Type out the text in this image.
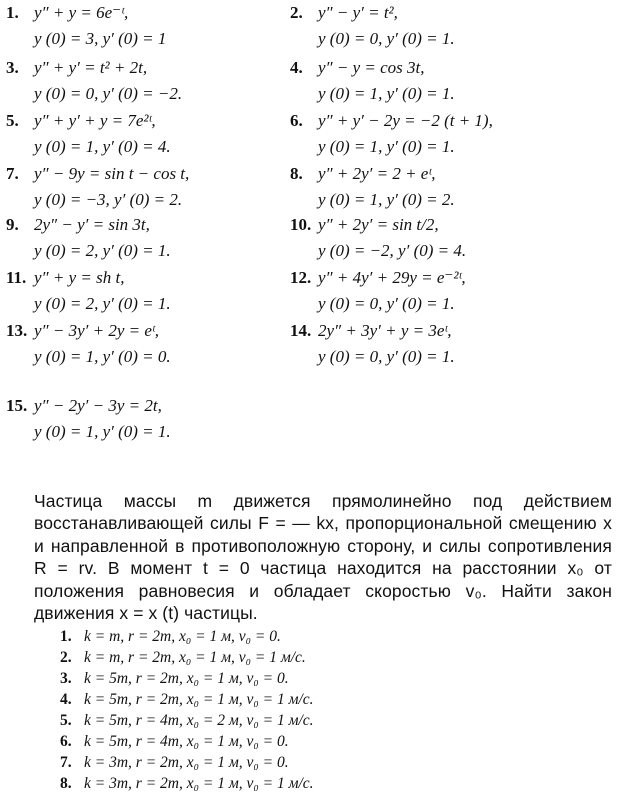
1. y″ + y = 6e⁻ᵗ,
y (0) = 3, y′ (0) = 1
3. y″ + y′ = t² + 2t,
y (0) = 0, y′ (0) = −2.
5. y″ + y′ + y = 7e²ᵗ,
y (0) = 1, y′ (0) = 4.
7. y″ − 9y = sin t − cos t,
y (0) = −3, y′ (0) = 2.
9. 2y″ − y′ = sin 3t,
y (0) = 2, y′ (0) = 1.
11. y″ + y = sh t,
y (0) = 2, y′ (0) = 1.
13. y″ − 3y′ + 2y = eᵗ,
y (0) = 1, y′ (0) = 0.
15. y″ − 2y′ − 3y = 2t,
y (0) = 1, y′ (0) = 1.
2. y″ − y′ = t²,
y (0) = 0, y′ (0) = 1.
4. y″ − y = cos 3t,
y (0) = 1, y′ (0) = 1.
6. y″ + y′ − 2y = −2 (t + 1),
y (0) = 1, y′ (0) = 1.
8. y″ + 2y′ = 2 + eᵗ,
y (0) = 1, y′ (0) = 2.
10. y″ + 2y′ = sin t/2,
y (0) = −2, y′ (0) = 4.
12. y″ + 4y′ + 29y = e⁻²ᵗ,
y (0) = 0, y′ (0) = 1.
14. 2y″ + 3y′ + y = 3eᵗ,
y (0) = 0, y′ (0) = 1.
Частица массы m движется прямолинейно под действием восстанавливающей силы F = — kx, пропорциональной смещению x и направленной в противоположную сторону, и силы сопротивления R = rv. В момент t = 0 частица находится на расстоянии x₀ от положения равновесия и обладает скоростью v₀. Найти закон движения x = x (t) частицы.
1. k = m, r = 2m, x₀ = 1 м, v₀ = 0.
2. k = m, r = 2m, x₀ = 1 м, v₀ = 1 м/с.
3. k = 5m, r = 2m, x₀ = 1 м, v₀ = 0.
4. k = 5m, r = 2m, x₀ = 1 м, v₀ = 1 м/с.
5. k = 5m, r = 4m, x₀ = 2 м, v₀ = 1 м/с.
6. k = 5m, r = 4m, x₀ = 1 м, v₀ = 0.
7. k = 3m, r = 2m, x₀ = 1 м, v₀ = 0.
8. k = 3m, r = 2m, x₀ = 1 м, v₀ = 1 м/с.
